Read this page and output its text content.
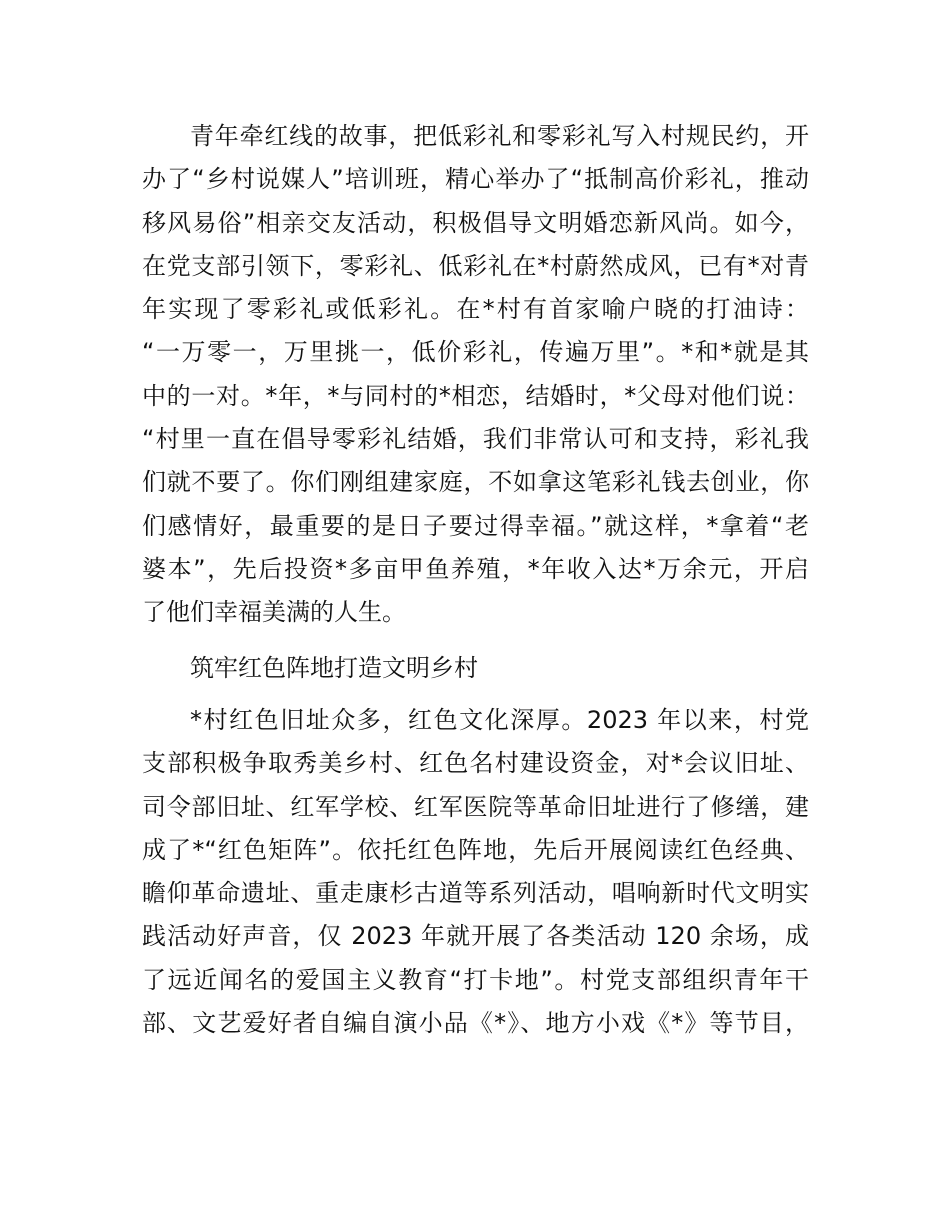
青年牵红线的故事，把低彩礼和零彩礼写入村规民约，开
办了“乡村说媒人”培训班，精心举办了“抵制高价彩礼，推动
移风易俗”相亲交友活动，积极倡导文明婚恋新风尚。如今，
在党支部引领下，零彩礼、低彩礼在*村蔚然成风，已有*对青
年实现了零彩礼或低彩礼。在*村有首家喻户晓的打油诗：
“一万零一，万里挑一，低价彩礼，传遍万里”。*和*就是其
中的一对。*年，*与同村的*相恋，结婚时，*父母对他们说：
“村里一直在倡导零彩礼结婚，我们非常认可和支持，彩礼我
们就不要了。你们刚组建家庭，不如拿这笔彩礼钱去创业，你
们感情好，最重要的是日子要过得幸福。”就这样，*拿着“老
婆本”，先后投资*多亩甲鱼养殖，*年收入达*万余元，开启
了他们幸福美满的人生。
筑牢红色阵地打造文明乡村
*村红色旧址众多，红色文化深厚。2023 年以来，村党
支部积极争取秀美乡村、红色名村建设资金，对*会议旧址、
司令部旧址、红军学校、红军医院等革命旧址进行了修缮，建
成了*“红色矩阵”。依托红色阵地，先后开展阅读红色经典、
瞻仰革命遗址、重走康杉古道等系列活动，唱响新时代文明实
践活动好声音，仅 2023 年就开展了各类活动 120 余场，成
了远近闻名的爱国主义教育“打卡地”。村党支部组织青年干
部、文艺爱好者自编自演小品《*》、地方小戏《*》等节目，
